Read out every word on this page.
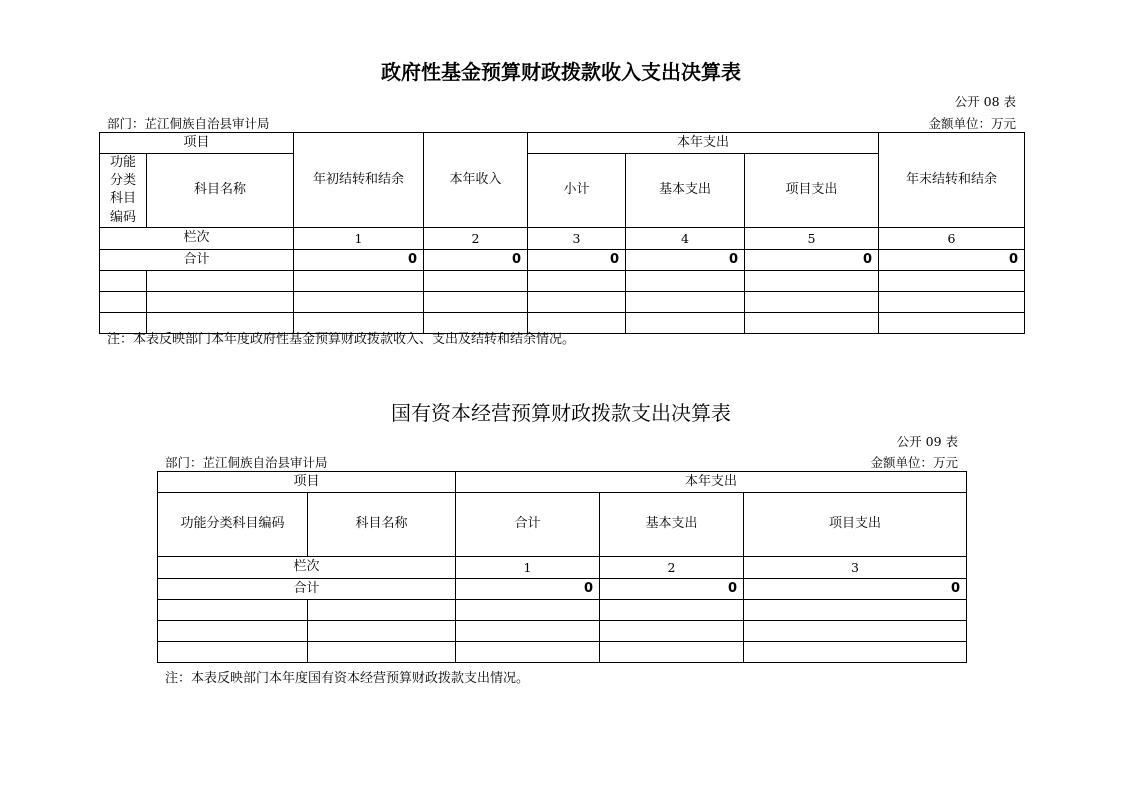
政府性基金预算财政拨款收入支出决算表
公开 08 表
部门：芷江侗族自治县审计局	金额单位：万元
项目		年初结转和结余	本年收入	本年支出			年末结转和结余
功能分类科目编码	科目名称			小计	基本支出	项目支出	
栏次		1	2	3	4	5	6
合计		0	0	0	0	0	0

注：本表反映部门本年度政府性基金预算财政拨款收入、支出及结转和结余情况。
国有资本经营预算财政拨款支出决算表
公开 09 表
部门：芷江侗族自治县审计局	金额单位：万元
项目		本年支出		
功能分类科目编码	科目名称	合计	基本支出	项目支出
栏次		1	2	3
合计		0	0	0

注：本表反映部门本年度国有资本经营预算财政拨款支出情况。
